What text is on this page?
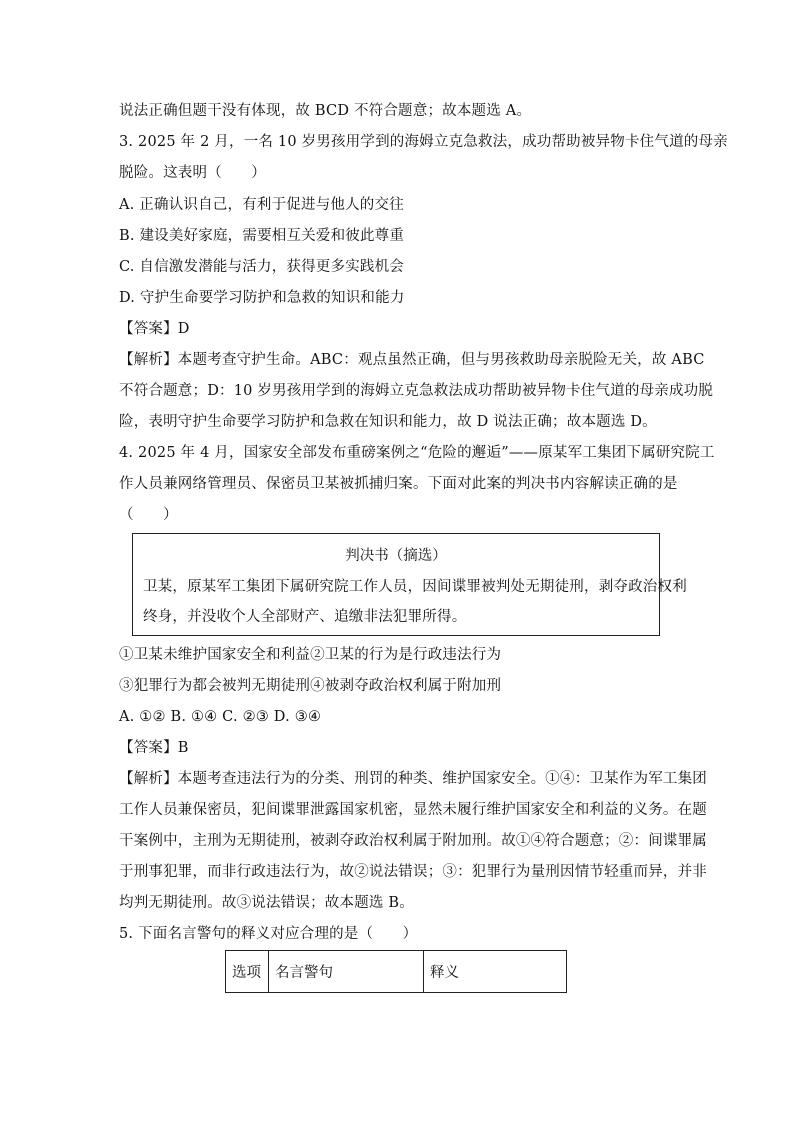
说法正确但题干没有体现，故 BCD 不符合题意；故本题选 A。
3. 2025 年 2 月，一名 10 岁男孩用学到的海姆立克急救法，成功帮助被异物卡住气道的母亲
脱险。这表明（　　）
A. 正确认识自己，有利于促进与他人的交往
B. 建设美好家庭，需要相互关爱和彼此尊重
C. 自信激发潜能与活力，获得更多实践机会
D. 守护生命要学习防护和急救的知识和能力
【答案】D
【解析】本题考查守护生命。ABC：观点虽然正确，但与男孩救助母亲脱险无关，故 ABC
不符合题意；D：10 岁男孩用学到的海姆立克急救法成功帮助被异物卡住气道的母亲成功脱
险，表明守护生命要学习防护和急救在知识和能力，故 D 说法正确；故本题选 D。
4. 2025 年 4 月，国家安全部发布重磅案例之“危险的邂逅”——原某军工集团下属研究院工
作人员兼网络管理员、保密员卫某被抓捕归案。下面对此案的判决书内容解读正确的是
（　　）
判决书（摘选）
卫某，原某军工集团下属研究院工作人员，因间谍罪被判处无期徒刑，剥夺政治权利
终身，并没收个人全部财产、追缴非法犯罪所得。
①卫某未维护国家安全和利益②卫某的行为是行政违法行为
③犯罪行为都会被判无期徒刑④被剥夺政治权利属于附加刑
A. ①② B. ①④ C. ②③ D. ③④
【答案】B
【解析】本题考查违法行为的分类、刑罚的种类、维护国家安全。①④：卫某作为军工集团
工作人员兼保密员，犯间谍罪泄露国家机密，显然未履行维护国家安全和利益的义务。在题
干案例中，主刑为无期徒刑，被剥夺政治权利属于附加刑。故①④符合题意；②：间谍罪属
于刑事犯罪，而非行政违法行为，故②说法错误；③：犯罪行为量刑因情节轻重而异，并非
均判无期徒刑。故③说法错误；故本题选 B。
5. 下面名言警句的释义对应合理的是（　　）
选项	名言警句	释义
